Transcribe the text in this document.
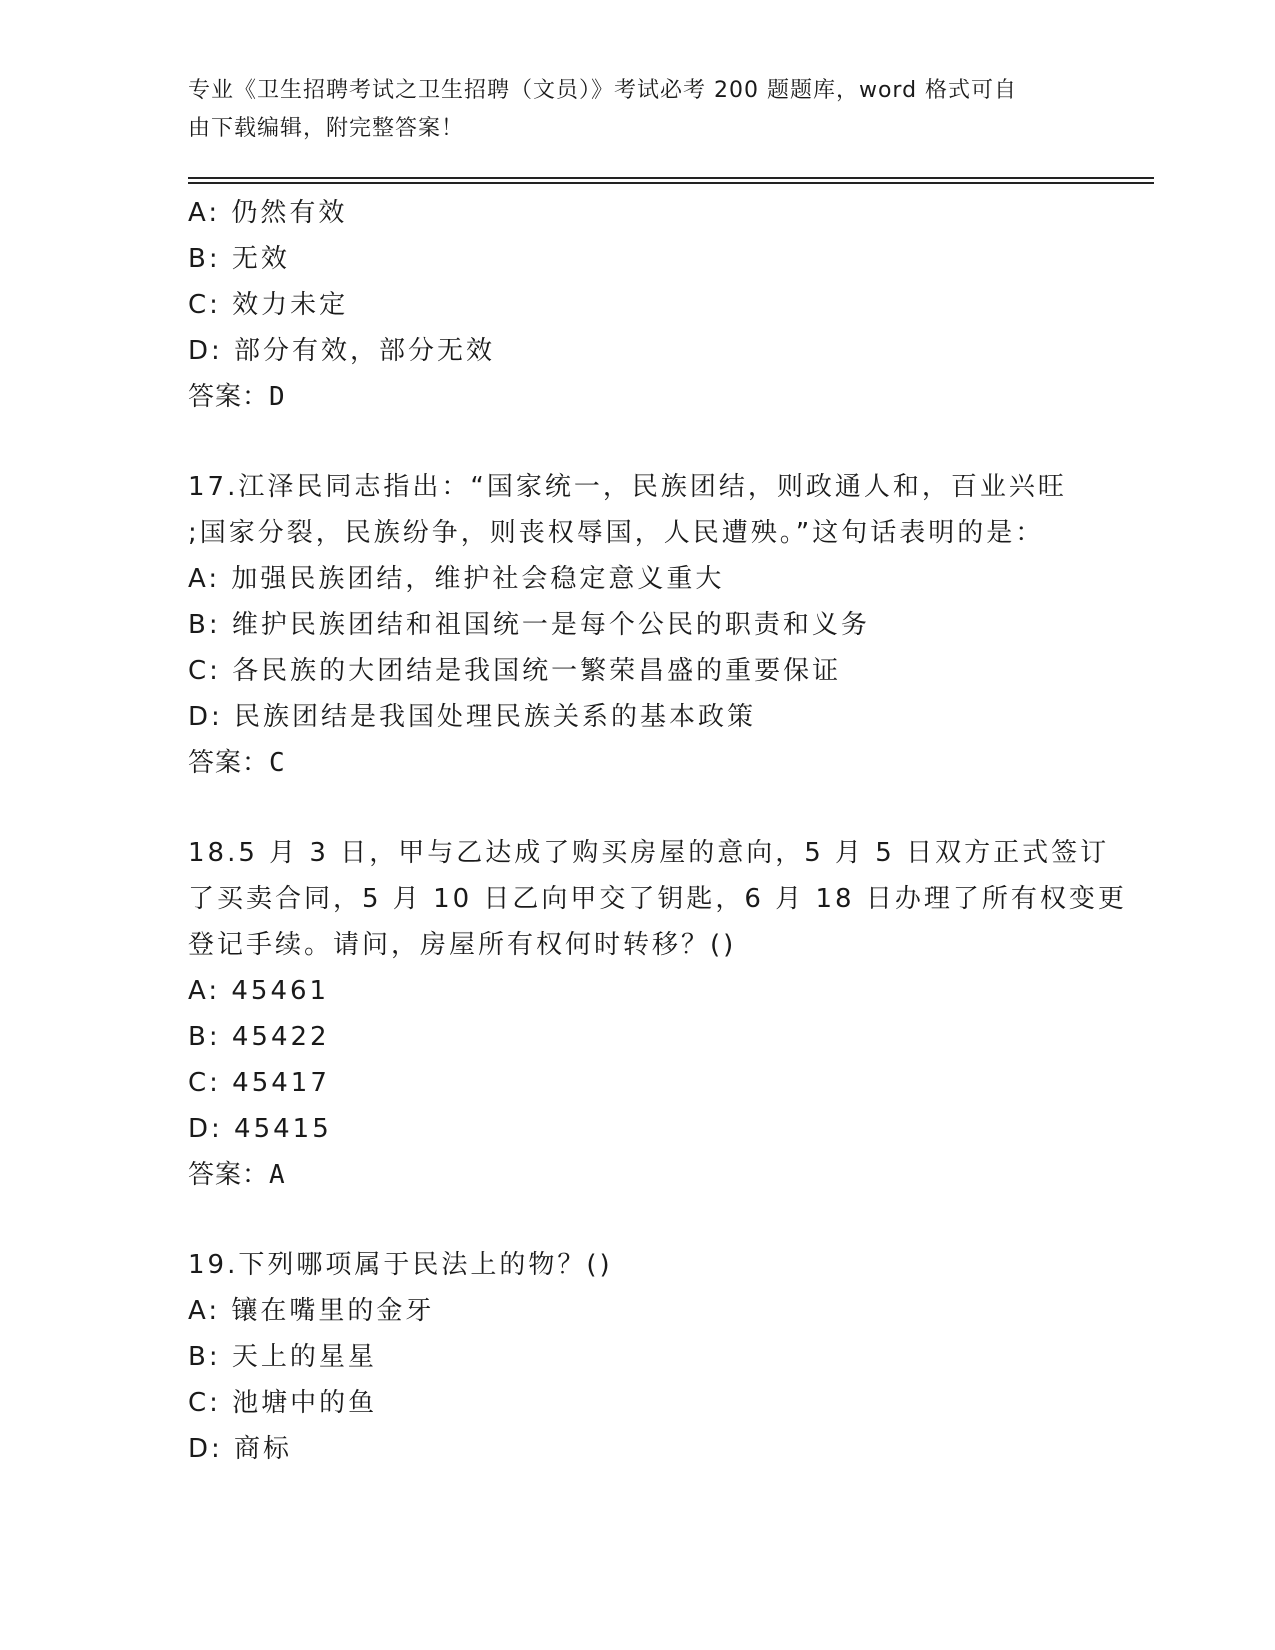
专业《卫生招聘考试之卫生招聘（文员）》考试必考 200 题题库，word 格式可自
由下载编辑，附完整答案！
A: 仍然有效
B: 无效
C: 效力未定
D: 部分有效，部分无效
答案：D
17.江泽民同志指出：“国家统一，民族团结，则政通人和，百业兴旺
;国家分裂，民族纷争，则丧权辱国，人民遭殃。”这句话表明的是：
A: 加强民族团结，维护社会稳定意义重大
B: 维护民族团结和祖国统一是每个公民的职责和义务
C: 各民族的大团结是我国统一繁荣昌盛的重要保证
D: 民族团结是我国处理民族关系的基本政策
答案：C
18.5 月 3 日，甲与乙达成了购买房屋的意向，5 月 5 日双方正式签订
了买卖合同，5 月 10 日乙向甲交了钥匙，6 月 18 日办理了所有权变更
登记手续。请问，房屋所有权何时转移？()
A: 45461
B: 45422
C: 45417
D: 45415
答案：A
19.下列哪项属于民法上的物？()
A: 镶在嘴里的金牙
B: 天上的星星
C: 池塘中的鱼
D: 商标
